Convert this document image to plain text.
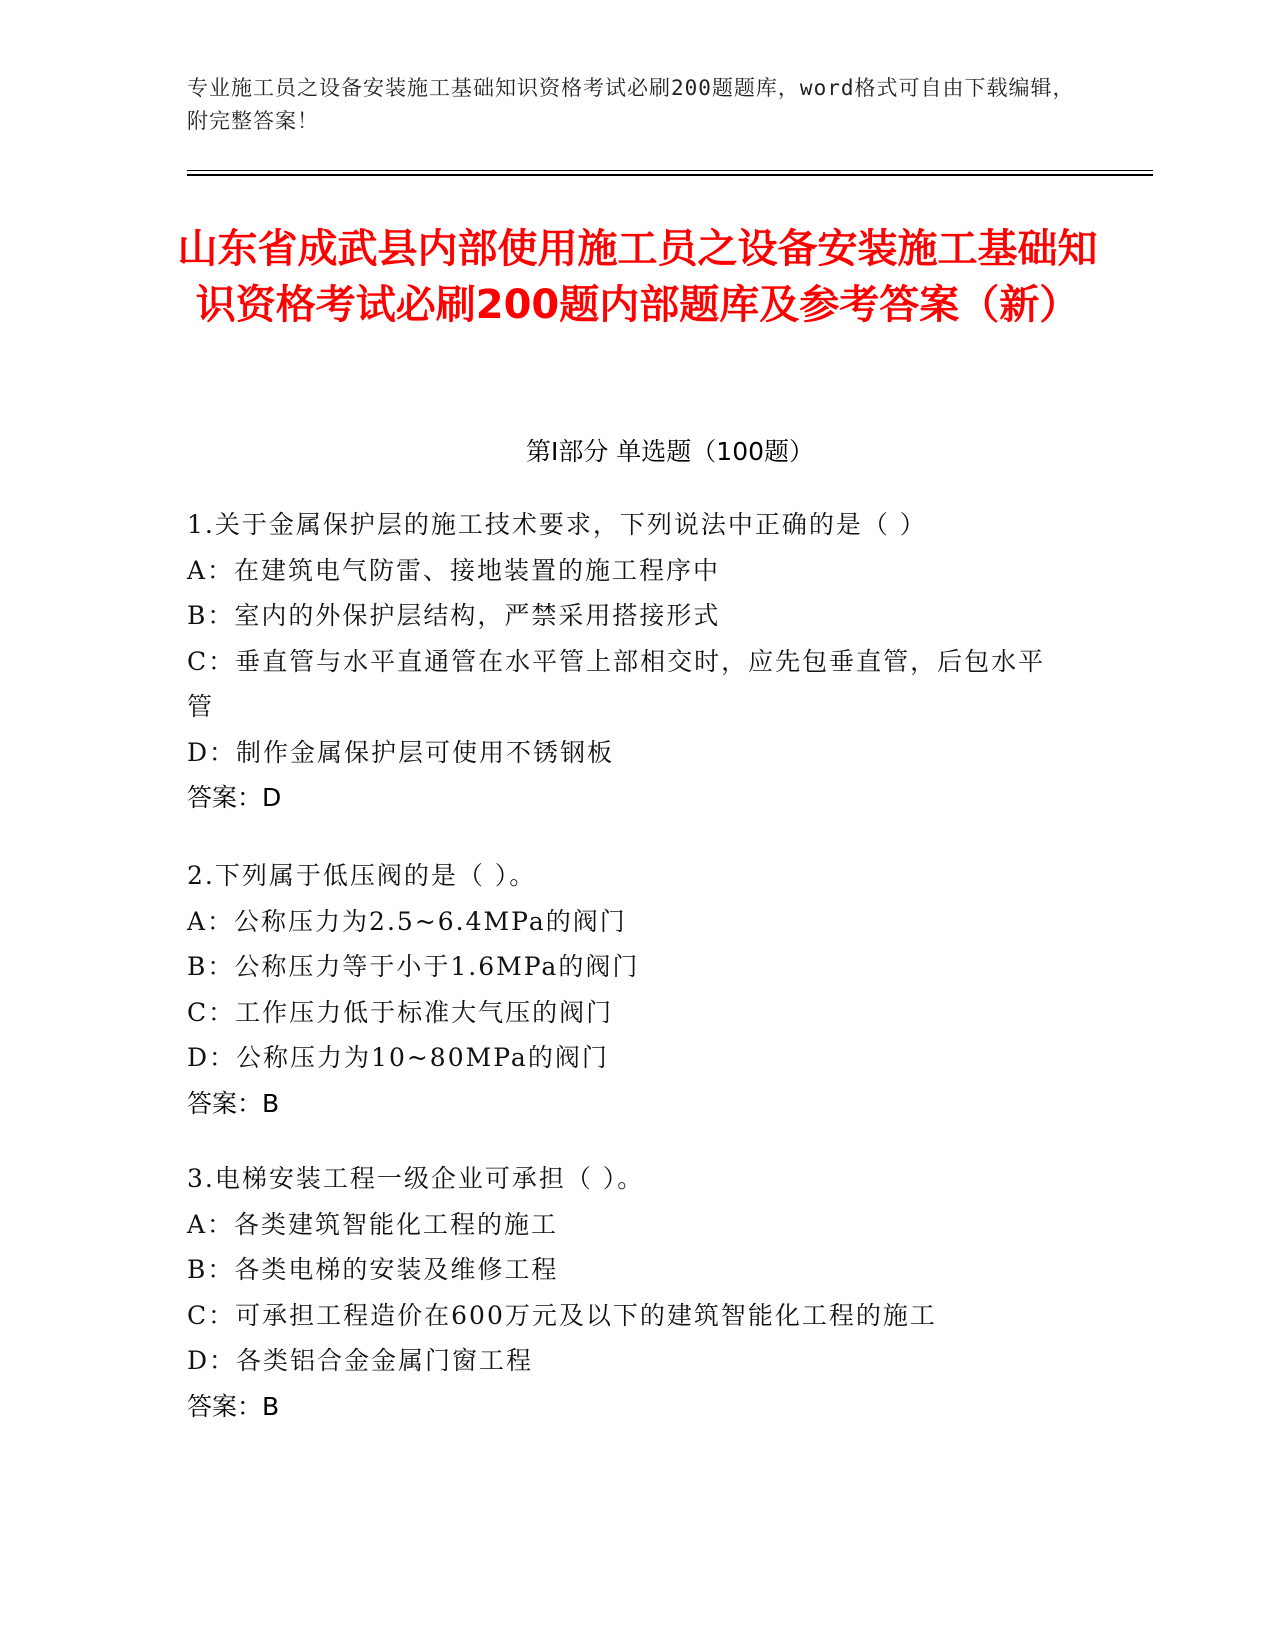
专业施工员之设备安装施工基础知识资格考试必刷200题题库，word格式可自由下载编辑，附完整答案！
山东省成武县内部使用施工员之设备安装施工基础知识资格考试必刷200题内部题库及参考答案（新）
第Ⅰ部分 单选题（100题）

1.关于金属保护层的施工技术要求，下列说法中正确的是（ ）

A：在建筑电气防雷、接地装置的施工程序中

B：室内的外保护层结构，严禁采用搭接形式

C：垂直管与水平直通管在水平管上部相交时，应先包垂直管，后包水平管

D：制作金属保护层可使用不锈钢板

答案：D

2.下列属于低压阀的是（ ）。

A：公称压力为2.5~6.4MPa的阀门

B：公称压力等于小于1.6MPa的阀门

C：工作压力低于标准大气压的阀门

D：公称压力为10~80MPa的阀门

答案：B

3.电梯安装工程一级企业可承担（ ）。

A：各类建筑智能化工程的施工

B：各类电梯的安装及维修工程

C：可承担工程造价在600万元及以下的建筑智能化工程的施工

D：各类铝合金金属门窗工程

答案：B
